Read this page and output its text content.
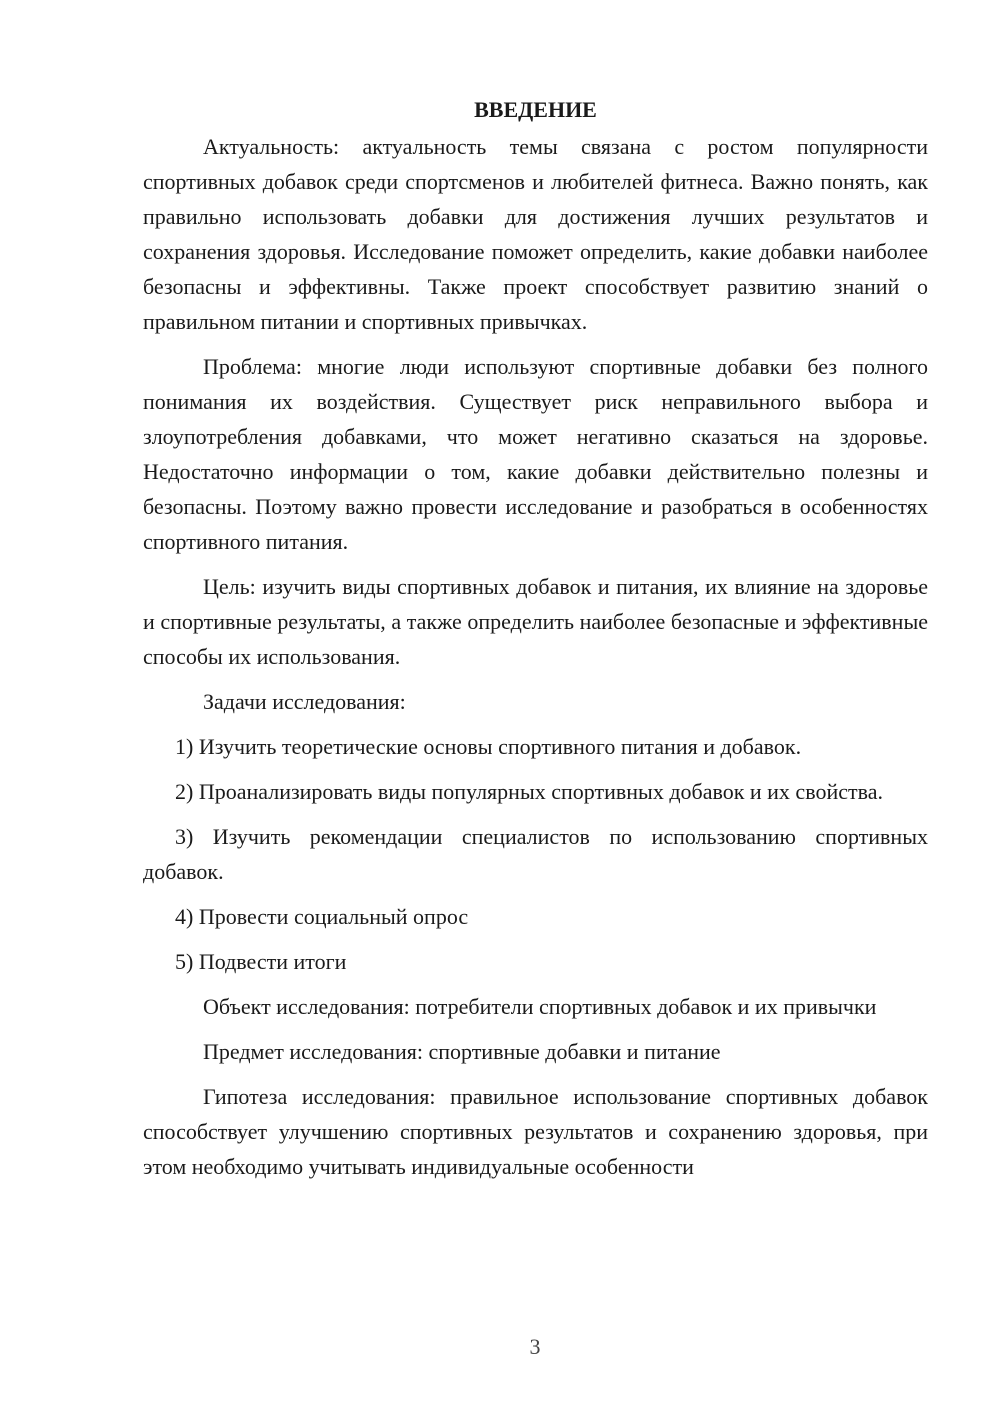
ВВЕДЕНИЕ

Актуальность: актуальность темы связана с ростом популярности спортивных добавок среди спортсменов и любителей фитнеса. Важно понять, как правильно использовать добавки для достижения лучших результатов и сохранения здоровья. Исследование поможет определить, какие добавки наиболее безопасны и эффективны. Также проект способствует развитию знаний о правильном питании и спортивных привычках.

Проблема: многие люди используют спортивные добавки без полного понимания их воздействия. Существует риск неправильного выбора и злоупотребления добавками, что может негативно сказаться на здоровье. Недостаточно информации о том, какие добавки действительно полезны и безопасны. Поэтому важно провести исследование и разобраться в особенностях спортивного питания.

Цель: изучить виды спортивных добавок и питания, их влияние на здоровье и спортивные результаты, а также определить наиболее безопасные и эффективные способы их использования.

Задачи исследования:

1) Изучить теоретические основы спортивного питания и добавок.

2) Проанализировать виды популярных спортивных добавок и их свойства.

3) Изучить рекомендации специалистов по использованию спортивных добавок.

4) Провести социальный опрос

5) Подвести итоги

Объект исследования: потребители спортивных добавок и их привычки

Предмет исследования: спортивные добавки и питание

Гипотеза исследования: правильное использование спортивных добавок способствует улучшению спортивных результатов и сохранению здоровья, при этом необходимо учитывать индивидуальные особенности

3
